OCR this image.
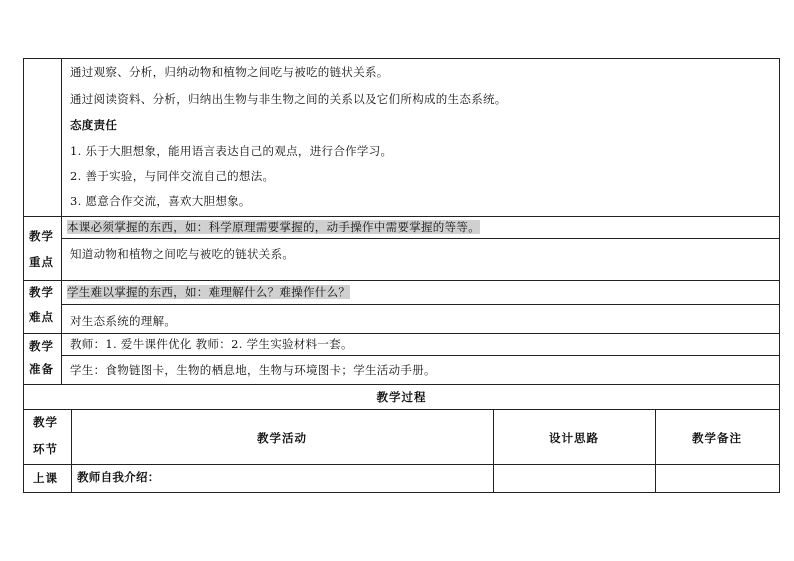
通过观察、分析，归纳动物和植物之间吃与被吃的链状关系。
通过阅读资料、分析，归纳出生物与非生物之间的关系以及它们所构成的生态系统。
态度责任
1. 乐于大胆想象，能用语言表达自己的观点，进行合作学习。
2. 善于实验，与同伴交流自己的想法。
3. 愿意合作交流，喜欢大胆想象。
教学
重点
本课必须掌握的东西，如：科学原理需要掌握的，动手操作中需要掌握的等等。
知道动物和植物之间吃与被吃的链状关系。
教学
难点
学生难以掌握的东西，如：难理解什么？难操作什么？
对生态系统的理解。
教学
准备
教师：1. 爱牛课件优化 教师：2. 学生实验材料一套。
学生：食物链图卡，生物的栖息地，生物与环境图卡；学生活动手册。
教学过程
教学
环节
教学活动	设计思路	教学备注
上课 教师自我介绍：
